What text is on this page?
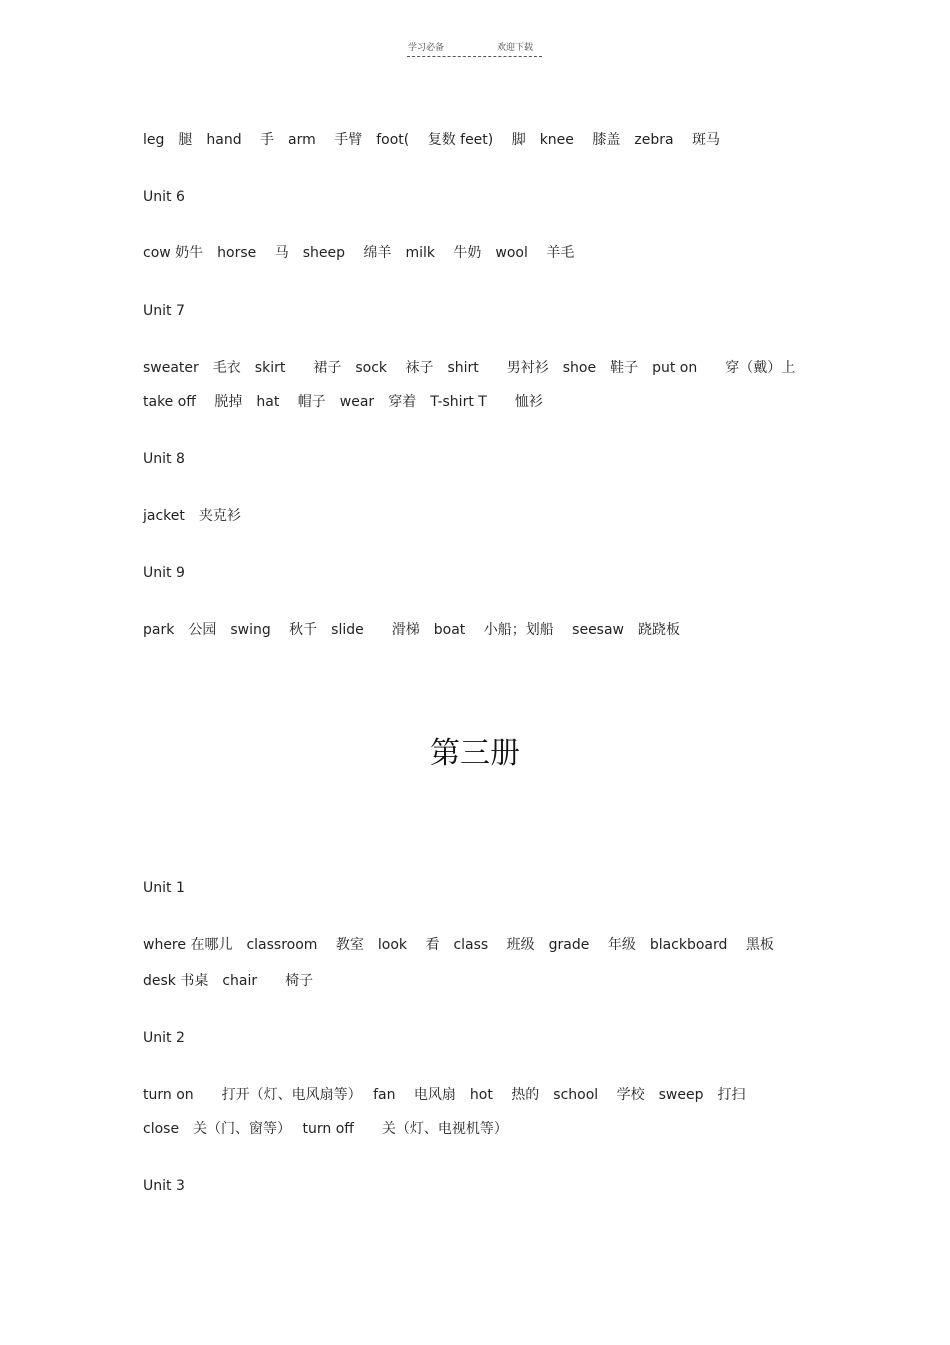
学习必备	欢迎下载
leg　腿　hand　 手　arm　 手臂　foot(　 复数 feet)　 脚　knee　 膝盖　zebra　 斑马
Unit 6
cow 奶牛　horse　 马　sheep　 绵羊　milk　 牛奶　wool　 羊毛
Unit 7
sweater　毛衣　skirt　　裙子　sock　 袜子　shirt　　男衬衫　shoe　鞋子　put on　　穿（戴）上
take off　 脱掉　hat　 帽子　wear　穿着　T-shirt T　　恤衫
Unit 8
jacket　夹克衫
Unit 9
park　公园　swing　 秋千　slide　　滑梯　boat　 小船；划船　 seesaw　跷跷板
第三册
Unit 1
where 在哪儿　classroom　 教室　look　 看　class　 班级　grade　 年级　blackboard　 黑板
desk 书桌　chair　　椅子
Unit 2
turn on　　打开（灯、电风扇等）　 fan　 电风扇　hot　 热的　school　 学校　sweep　打扫
close　关（门、窗等）　 turn off　　关（灯、电视机等）
Unit 3
